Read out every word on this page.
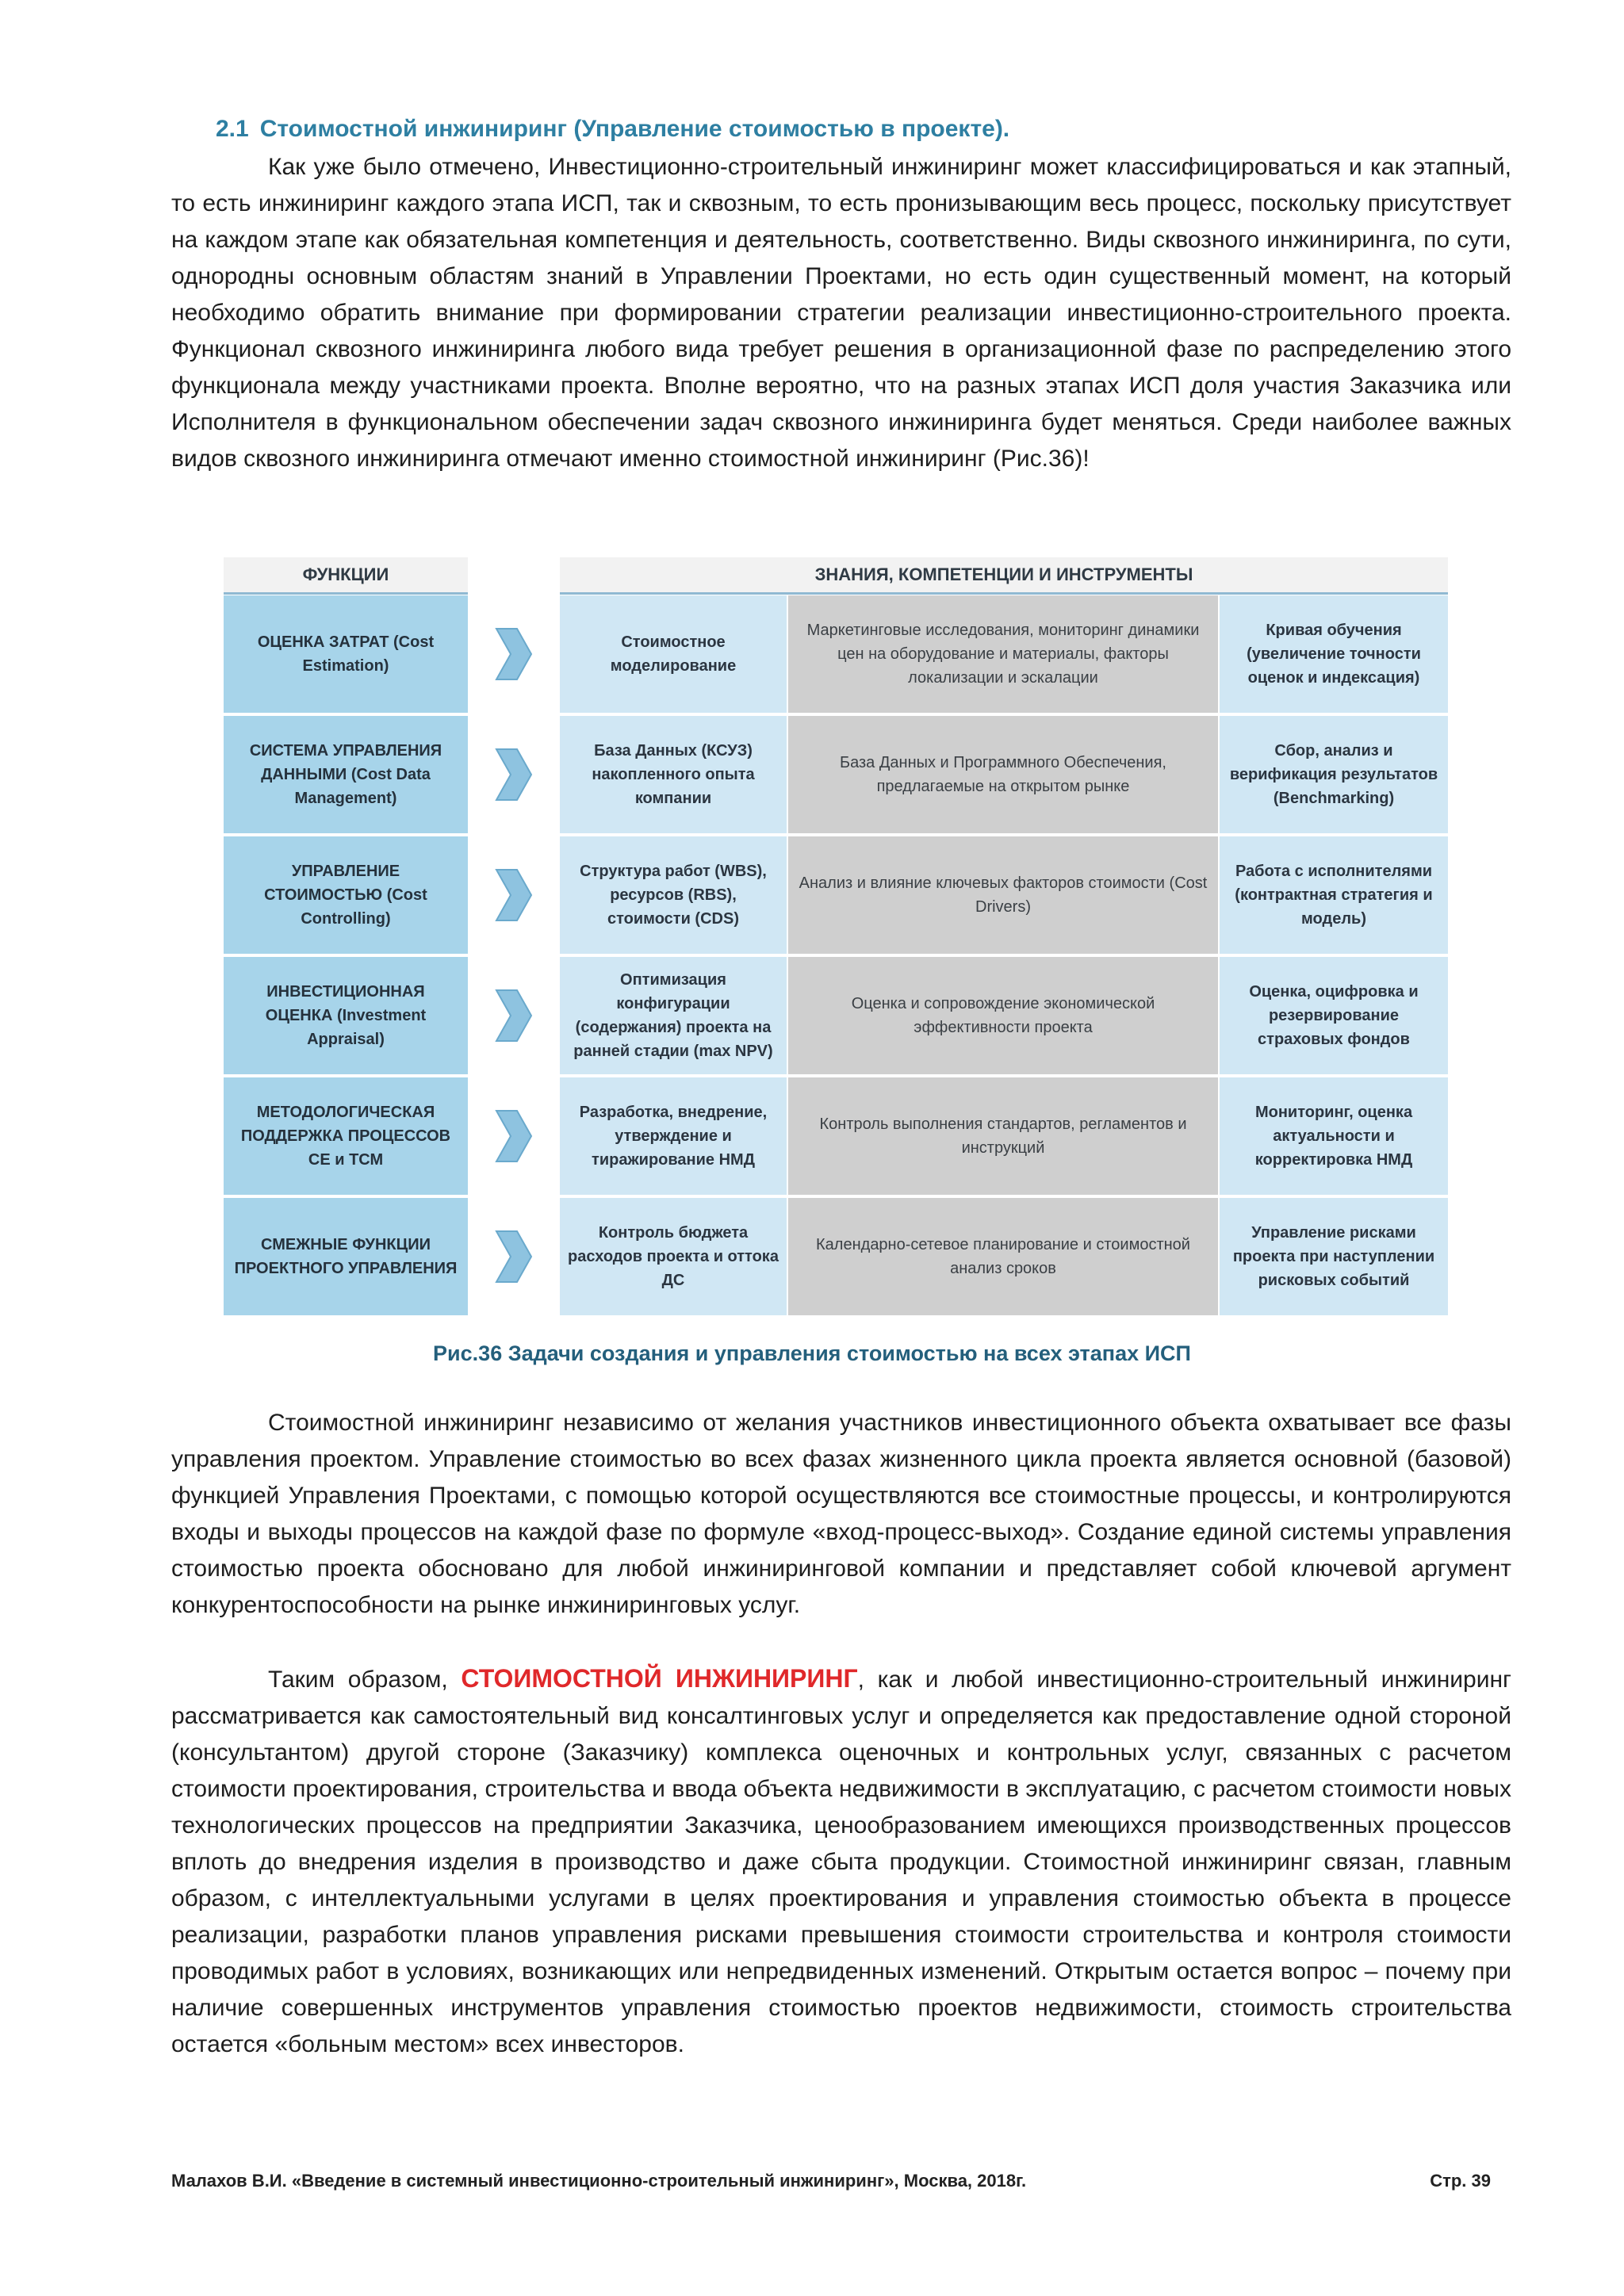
2.1 Стоимостной инжиниринг (Управление стоимостью в проекте).
Как уже было отмечено, Инвестиционно-строительный инжиниринг может классифицироваться и как этапный, то есть инжиниринг каждого этапа ИСП, так и сквозным, то есть пронизывающим весь процесс, поскольку присутствует на каждом этапе как обязательная компетенция и деятельность, соответственно. Виды сквозного инжиниринга, по сути, однородны основным областям знаний в Управлении Проектами, но есть один существенный момент, на который необходимо обратить внимание при формировании стратегии реализации инвестиционно-строительного проекта. Функционал сквозного инжиниринга любого вида требует решения в организационной фазе по распределению этого функционала между участниками проекта. Вполне вероятно, что на разных этапах ИСП доля участия Заказчика или Исполнителя в функциональном обеспечении задач сквозного инжиниринга будет меняться. Среди наиболее важных видов сквозного инжиниринга отмечают именно стоимостной инжиниринг (Рис.36)!
ФУНКЦИИ	ЗНАНИЯ, КОМПЕТЕНЦИИ И ИНСТРУМЕНТЫ
ОЦЕНКА ЗАТРАТ (Cost Estimation)
Стоимостное моделирование
Маркетинговые исследования, мониторинг динамики цен на оборудование и материалы, факторы локализации и эскалации
Кривая обучения (увеличение точности оценок и индексация)
СИСТЕМА УПРАВЛЕНИЯ ДАННЫМИ (Cost Data Management)
База Данных (КСУЗ) накопленного опыта компании
База Данных и Программного Обеспечения, предлагаемые на открытом рынке
Сбор, анализ и верификация результатов (Benchmarking)
УПРАВЛЕНИЕ СТОИМОСТЬЮ (Cost Controlling)
Структура работ (WBS), ресурсов (RBS), стоимости (CDS)
Анализ и влияние ключевых факторов стоимости (Cost Drivers)
Работа с исполнителями (контрактная стратегия и модель)
ИНВЕСТИЦИОННАЯ ОЦЕНКА (Investment Appraisal)
Оптимизация конфигурации (содержания) проекта на ранней стадии (max NPV)
Оценка и сопровождение экономической эффективности проекта
Оценка, оцифровка и резервирование страховых фондов
МЕТОДОЛОГИЧЕСКАЯ ПОДДЕРЖКА ПРОЦЕССОВ СЕ и ТСМ
Разработка, внедрение, утверждение и тиражирование НМД
Контроль выполнения стандартов, регламентов и инструкций
Мониторинг, оценка актуальности и корректировка НМД
СМЕЖНЫЕ ФУНКЦИИ ПРОЕКТНОГО УПРАВЛЕНИЯ
Контроль бюджета расходов проекта и оттока ДС
Календарно-сетевое планирование и стоимостной анализ сроков
Управление рисками проекта при наступлении рисковых событий
Рис.36 Задачи создания и управления стоимостью на всех этапах ИСП
Стоимостной инжиниринг независимо от желания участников инвестиционного объекта охватывает все фазы управления проектом. Управление стоимостью во всех фазах жизненного цикла проекта является основной (базовой) функцией Управления Проектами, с помощью которой осуществляются все стоимостные процессы, и контролируются входы и выходы процессов на каждой фазе по формуле «вход-процесс-выход». Создание единой системы управления стоимостью проекта обосновано для любой инжиниринговой компании и представляет собой ключевой аргумент конкурентоспособности на рынке инжиниринговых услуг.
Таким образом, СТОИМОСТНОЙ ИНЖИНИРИНГ, как и любой инвестиционно-строительный инжиниринг рассматривается как самостоятельный вид консалтинговых услуг и определяется как предоставление одной стороной (консультантом) другой стороне (Заказчику) комплекса оценочных и контрольных услуг, связанных с расчетом стоимости проектирования, строительства и ввода объекта недвижимости в эксплуатацию, с расчетом стоимости новых технологических процессов на предприятии Заказчика, ценообразованием имеющихся производственных процессов вплоть до внедрения изделия в производство и даже сбыта продукции. Стоимостной инжиниринг связан, главным образом, с интеллектуальными услугами в целях проектирования и управления стоимостью объекта в процессе реализации, разработки планов управления рисками превышения стоимости строительства и контроля стоимости проводимых работ в условиях, возникающих или непредвиденных изменений. Открытым остается вопрос – почему при наличие совершенных инструментов управления стоимостью проектов недвижимости, стоимость строительства остается «больным местом» всех инвесторов.
Малахов В.И. «Введение в системный инвестиционно-строительный инжиниринг», Москва, 2018г.	Стр. 39
